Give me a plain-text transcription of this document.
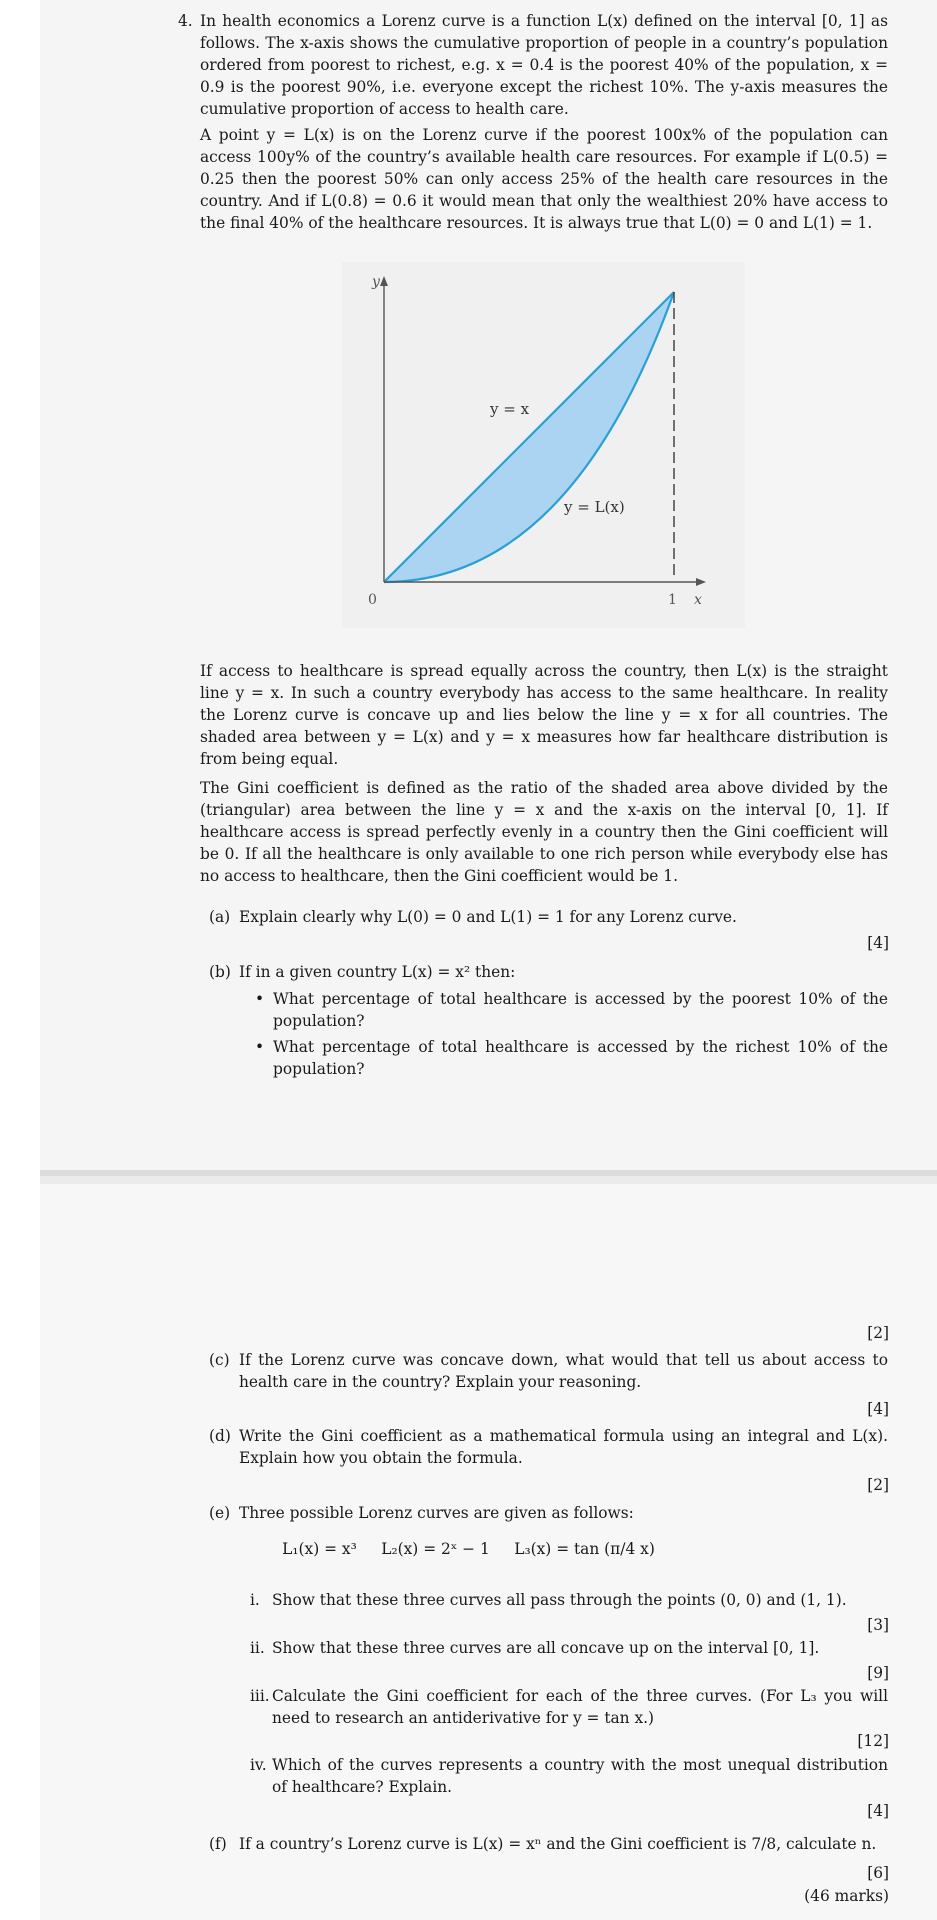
4. In health economics a Lorenz curve is a function L(x) defined on the interval [0, 1] as follows. The x-axis shows the cumulative proportion of people in a country’s population ordered from poorest to richest, e.g. x = 0.4 is the poorest 40% of the population, x = 0.9 is the poorest 90%, i.e. everyone except the richest 10%. The y-axis measures the cumulative proportion of access to health care.
A point y = L(x) is on the Lorenz curve if the poorest 100x% of the population can access 100y% of the country’s available health care resources. For example if L(0.5) = 0.25 then the poorest 50% can only access 25% of the health care resources in the country. And if L(0.8) = 0.6 it would mean that only the wealthiest 20% have access to the final 40% of the healthcare resources. It is always true that L(0) = 0 and L(1) = 1.
y
x
0	1
y = x
y = L(x)
If access to healthcare is spread equally across the country, then L(x) is the straight line y = x. In such a country everybody has access to the same healthcare. In reality the Lorenz curve is concave up and lies below the line y = x for all countries. The shaded area between y = L(x) and y = x measures how far healthcare distribution is from being equal.
The Gini coefficient is defined as the ratio of the shaded area above divided by the (triangular) area between the line y = x and the x-axis on the interval [0, 1]. If healthcare access is spread perfectly evenly in a country then the Gini coefficient will be 0. If all the healthcare is only available to one rich person while everybody else has no access to healthcare, then the Gini coefficient would be 1.
(a) Explain clearly why L(0) = 0 and L(1) = 1 for any Lorenz curve.
[4]
(b) If in a given country L(x) = x² then:
• What percentage of total healthcare is accessed by the poorest 10% of the population?
• What percentage of total healthcare is accessed by the richest 10% of the population?
[2]
(c) If the Lorenz curve was concave down, what would that tell us about access to health care in the country? Explain your reasoning.
[4]
(d) Write the Gini coefficient as a mathematical formula using an integral and L(x). Explain how you obtain the formula.
[2]
(e) Three possible Lorenz curves are given as follows:
L₁(x) = x³ L₂(x) = 2ˣ − 1 L₃(x) = tan (π/4 x)
i. Show that these three curves all pass through the points (0, 0) and (1, 1).
[3]
ii. Show that these three curves are all concave up on the interval [0, 1].
[9]
iii. Calculate the Gini coefficient for each of the three curves. (For L₃ you will need to research an antiderivative for y = tan x.)
[12]
iv. Which of the curves represents a country with the most unequal distribution of healthcare? Explain.
[4]
(f) If a country’s Lorenz curve is L(x) = xⁿ and the Gini coefficient is 7/8, calculate n.
[6]
(46 marks)
